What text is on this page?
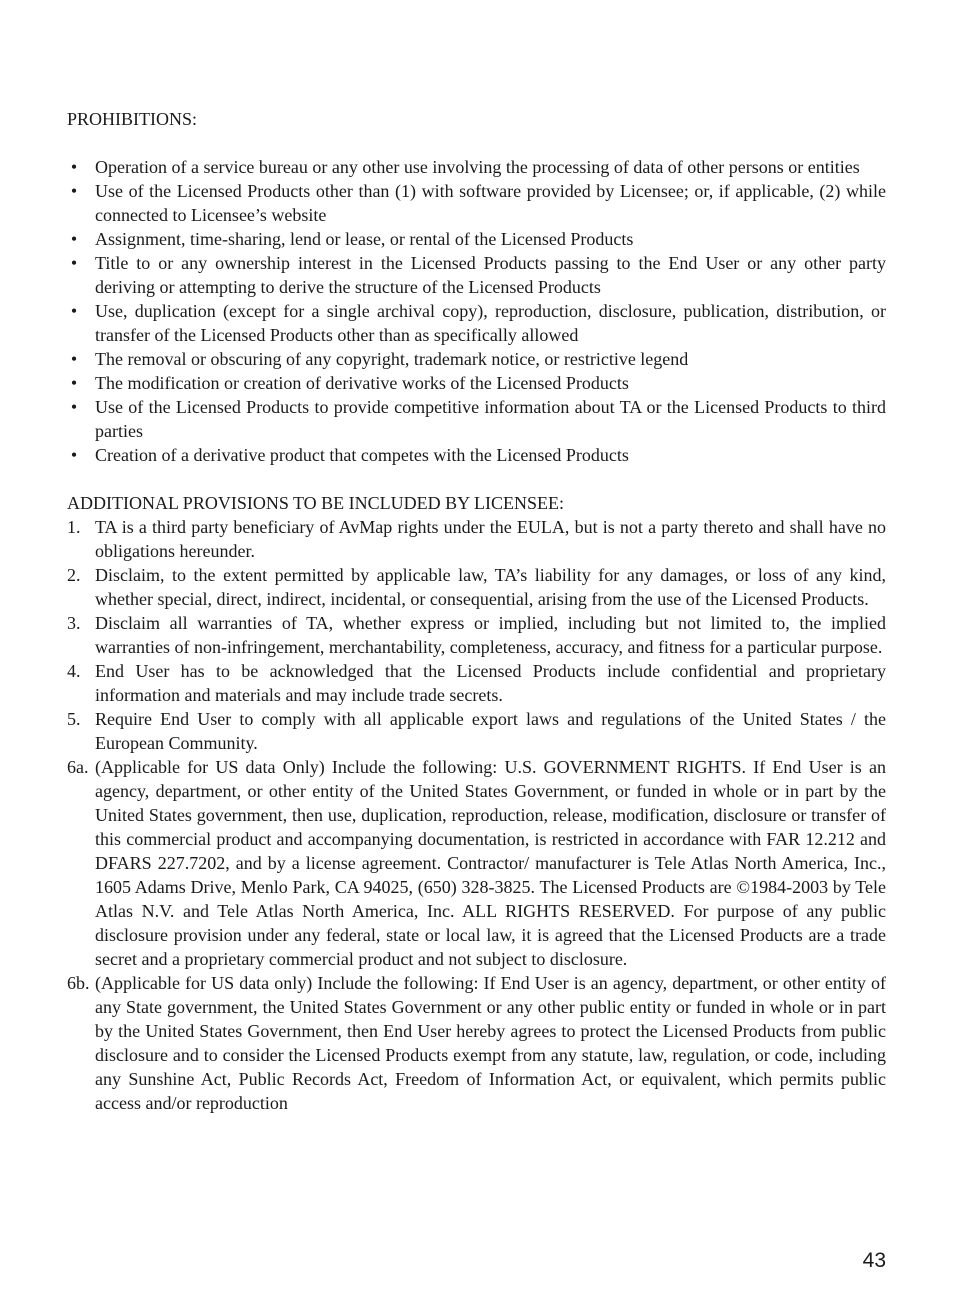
PROHIBITIONS:

• Operation of a service bureau or any other use involving the processing of data of other persons or entities
• Use of the Licensed Products other than (1) with software provided by Licensee; or, if applicable, (2) while connected to Licensee’s website
• Assignment, time-sharing, lend or lease, or rental of the Licensed Products
• Title to or any ownership interest in the Licensed Products passing to the End User or any other party deriving or attempting to derive the structure of the Licensed Products
• Use, duplication (except for a single archival copy), reproduction, disclosure, publication, distribution, or transfer of the Licensed Products other than as specifically allowed
• The removal or obscuring of any copyright, trademark notice, or restrictive legend
• The modification or creation of derivative works of the Licensed Products
• Use of the Licensed Products to provide competitive information about TA or the Licensed Products to third parties
• Creation of a derivative product that competes with the Licensed Products

ADDITIONAL PROVISIONS TO BE INCLUDED BY LICENSEE:

1. TA is a third party beneficiary of AvMap rights under the EULA, but is not a party thereto and shall have no obligations hereunder.
2. Disclaim, to the extent permitted by applicable law, TA’s liability for any damages, or loss of any kind, whether special, direct, indirect, incidental, or consequential, arising from the use of the Licensed Products.
3. Disclaim all warranties of TA, whether express or implied, including but not limited to, the implied warranties of non-infringement, merchantability, completeness, accuracy, and fitness for a particular purpose.
4. End User has to be acknowledged that the Licensed Products include confidential and proprietary information and materials and may include trade secrets.
5. Require End User to comply with all applicable export laws and regulations of the United States / the European Community.
6a. (Applicable for US data Only) Include the following: U.S. GOVERNMENT RIGHTS. If End User is an agency, department, or other entity of the United States Government, or funded in whole or in part by the United States government, then use, duplication, reproduction, release, modification, disclosure or transfer of this commercial product and accompanying documentation, is restricted in accordance with FAR 12.212 and DFARS 227.7202, and by a license agreement. Contractor/ manufacturer is Tele Atlas North America, Inc., 1605 Adams Drive, Menlo Park, CA 94025, (650) 328-3825. The Licensed Products are ©1984-2003 by Tele Atlas N.V. and Tele Atlas North America, Inc. ALL RIGHTS RESERVED. For purpose of any public disclosure provision under any federal, state or local law, it is agreed that the Licensed Products are a trade secret and a proprietary commercial product and not subject to disclosure.
6b. (Applicable for US data only) Include the following: If End User is an agency, department, or other entity of any State government, the United States Government or any other public entity or funded in whole or in part by the United States Government, then End User hereby agrees to protect the Licensed Products from public disclosure and to consider the Licensed Products exempt from any statute, law, regulation, or code, including any Sunshine Act, Public Records Act, Freedom of Information Act, or equivalent, which permits public access and/or reproduction
43
